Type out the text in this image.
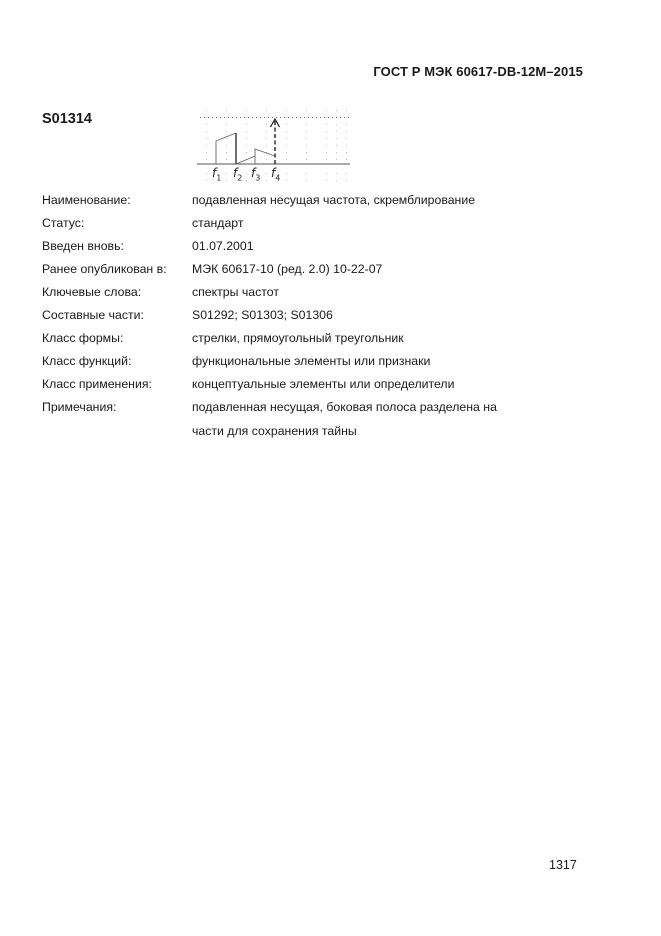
ГОСТ Р МЭК 60617-DB-12M–2015
S01314
$f_1$ $f_2$ $f_3$ $f_4$
Наименование:	подавленная несущая частота, скремблирование
Статус:	стандарт
Введен вновь:	01.07.2001
Ранее опубликован в:	МЭК 60617-10 (ред. 2.0) 10-22-07
Ключевые слова:	спектры частот
Составные части:	S01292; S01303; S01306
Класс формы:	стрелки, прямоугольный треугольник
Класс функций:	функциональные элементы или признаки
Класс применения:	концептуальные элементы или определители
Примечания:	подавленная несущая, боковая полоса разделена на
части для сохранения тайны
1317
